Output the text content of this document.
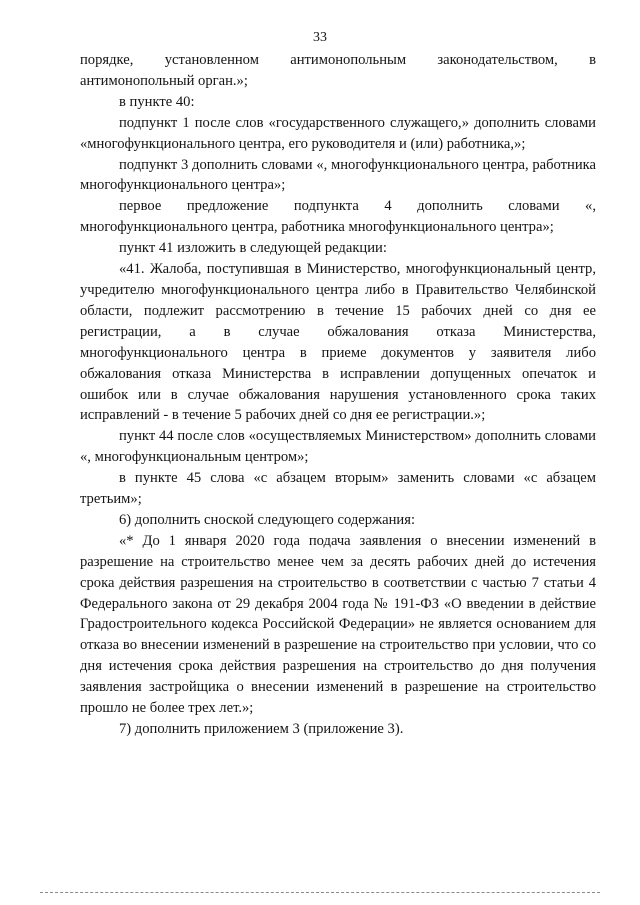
33

порядке, установленном антимонопольным законодательством, в антимонопольный орган.»;

в пункте 40:

подпункт 1 после слов «государственного служащего,» дополнить словами «многофункционального центра, его руководителя и (или) работника,»;

подпункт 3 дополнить словами «, многофункционального центра, работника многофункционального центра»;

первое предложение подпункта 4 дополнить словами «, многофункционального центра, работника многофункционального центра»;

пункт 41 изложить в следующей редакции:

«41. Жалоба, поступившая в Министерство, многофункциональный центр, учредителю многофункционального центра либо в Правительство Челябинской области, подлежит рассмотрению в течение 15 рабочих дней со дня ее регистрации, а в случае обжалования отказа Министерства, многофункционального центра в приеме документов у заявителя либо обжалования отказа Министерства в исправлении допущенных опечаток и ошибок или в случае обжалования нарушения установленного срока таких исправлений - в течение 5 рабочих дней со дня ее регистрации.»;

пункт 44 после слов «осуществляемых Министерством» дополнить словами «, многофункциональным центром»;

в пункте 45 слова «с абзацем вторым» заменить словами «с абзацем третьим»;

6) дополнить сноской следующего содержания:

«* До 1 января 2020 года подача заявления о внесении изменений в разрешение на строительство менее чем за десять рабочих дней до истечения срока действия разрешения на строительство в соответствии с частью 7 статьи 4 Федерального закона от 29 декабря 2004 года № 191-ФЗ «О введении в действие Градостроительного кодекса Российской Федерации» не является основанием для отказа во внесении изменений в разрешение на строительство при условии, что со дня истечения срока действия разрешения на строительство до дня получения заявления застройщика о внесении изменений в разрешение на строительство прошло не более трех лет.»;

7) дополнить приложением 3 (приложение 3).
